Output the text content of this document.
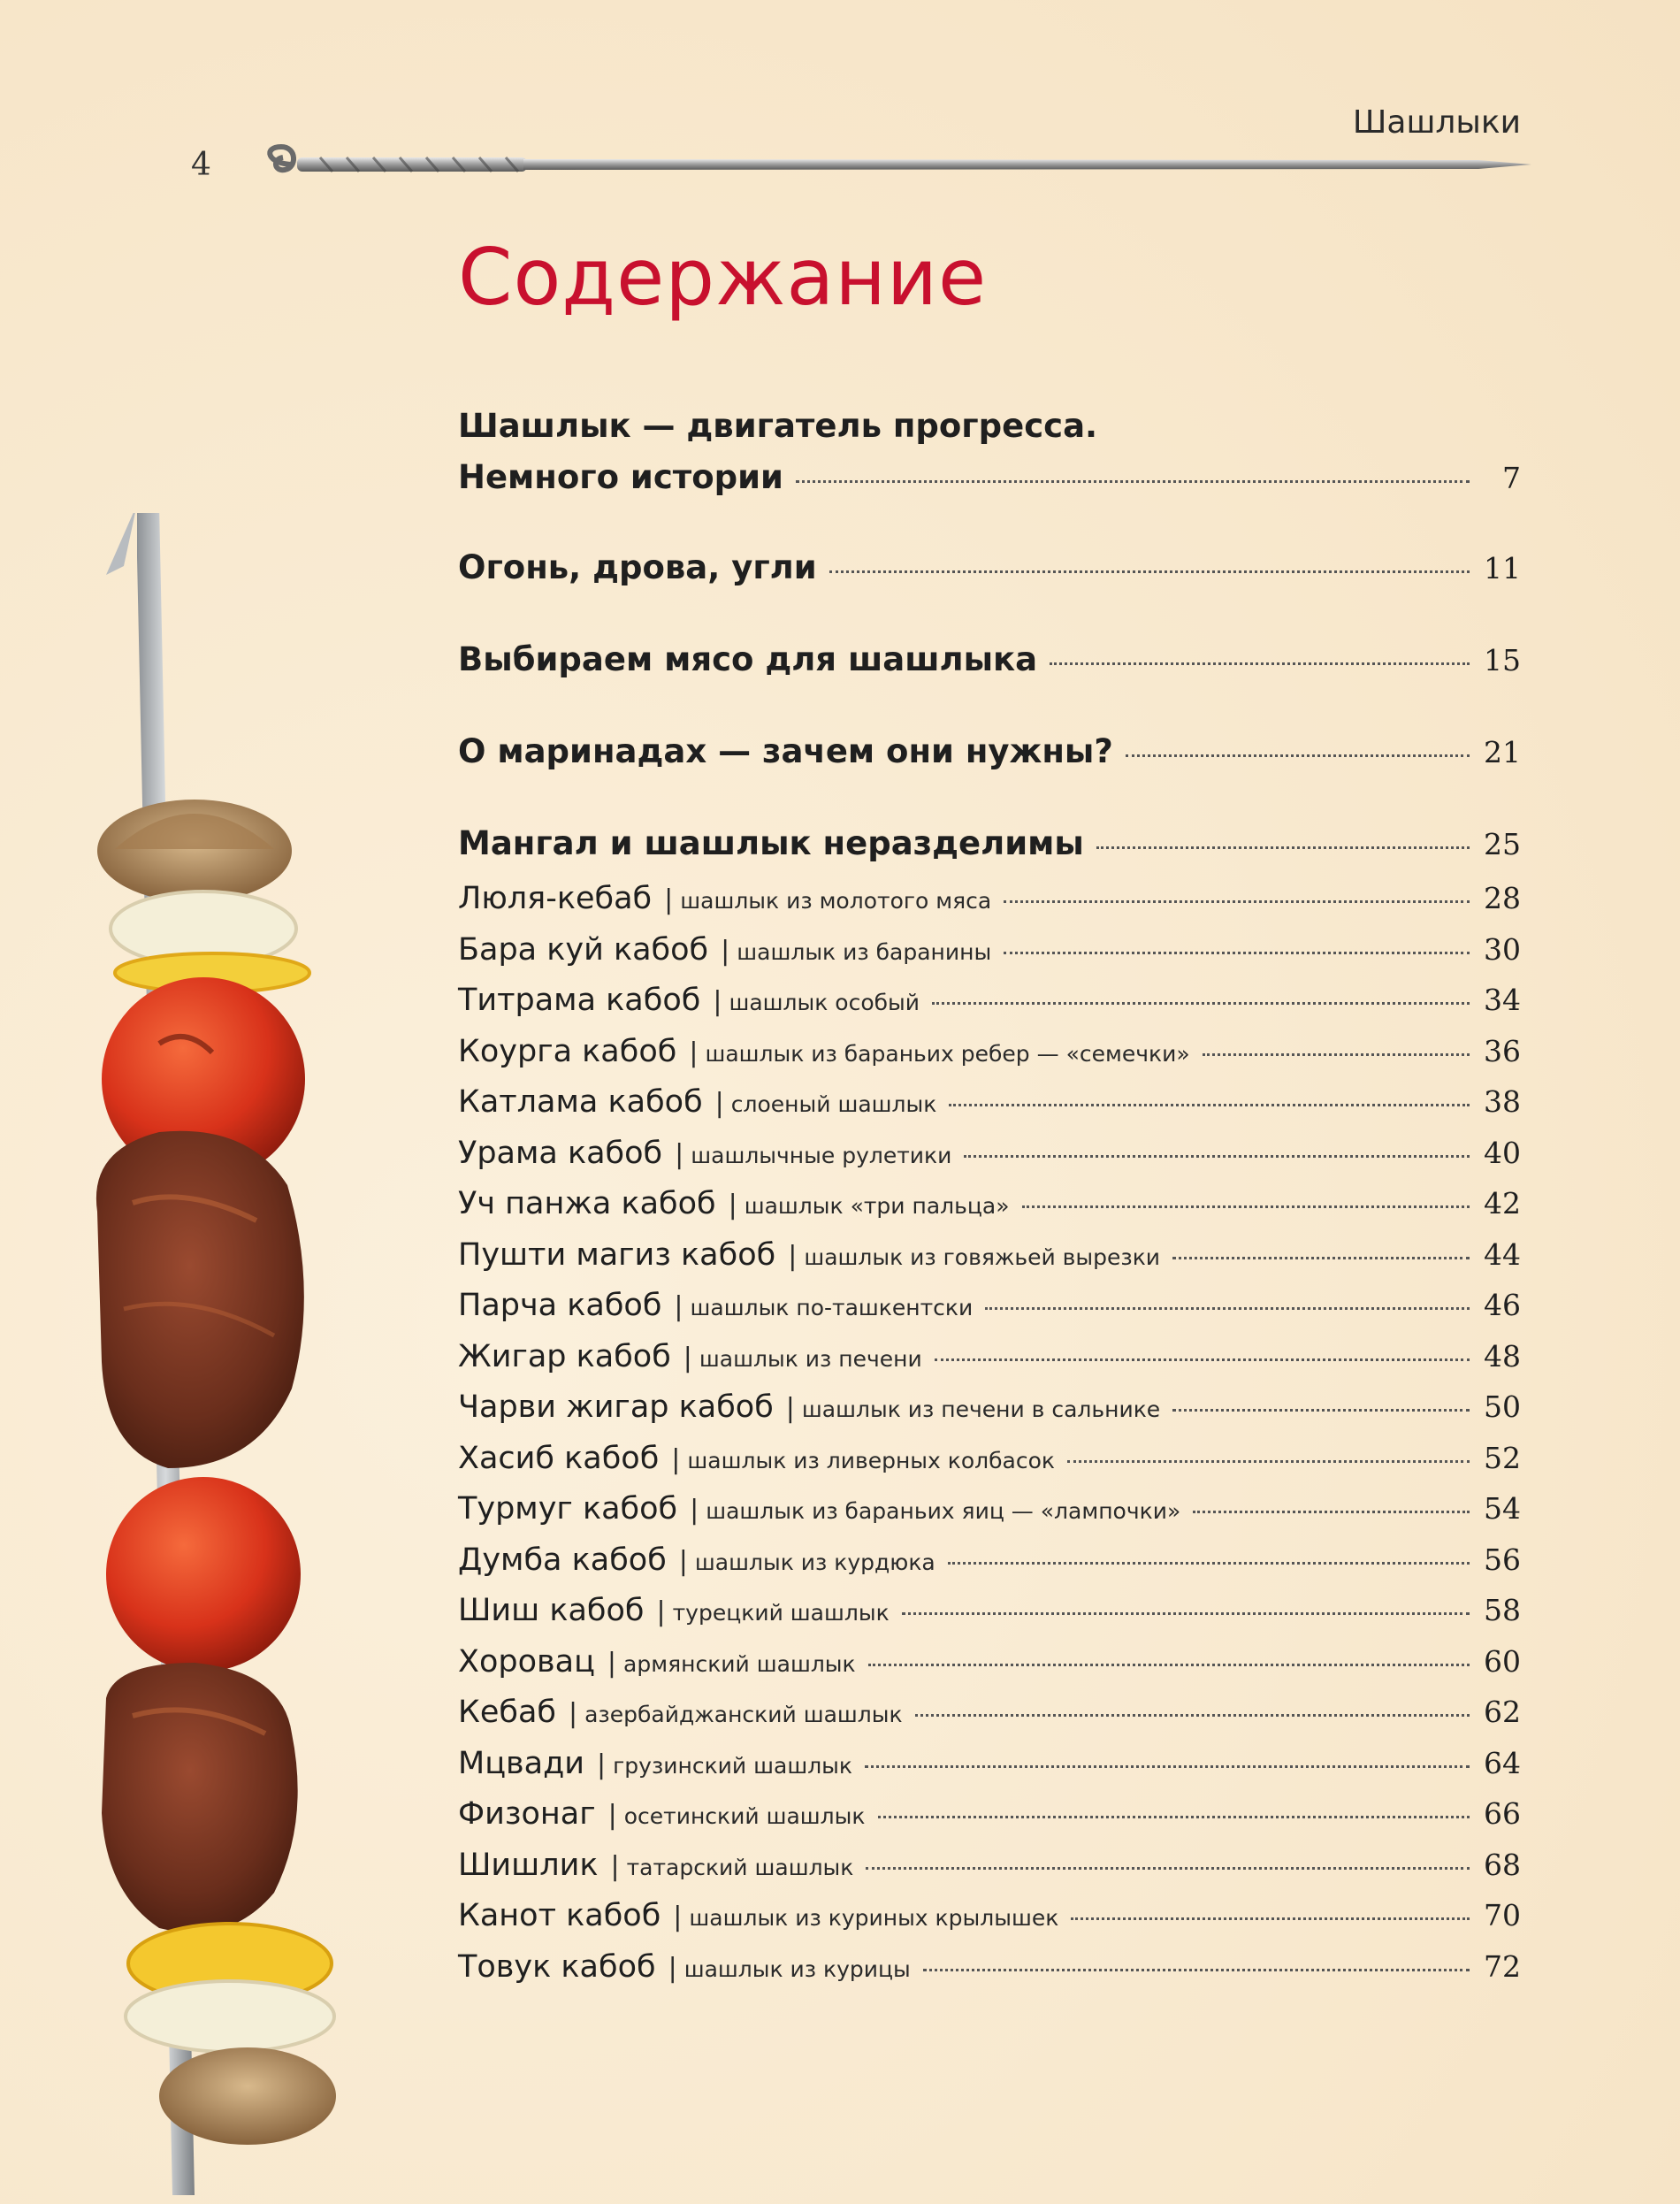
4
Шашлыки
Содержание
Шашлык — двигатель прогресса.
Немного истории	7
Огонь, дрова, угли	11
Выбираем мясо для шашлыка	15
О маринадах — зачем они нужны?	21
Мангал и шашлык неразделимы	25
Люля-кебаб | шашлык из молотого мяса	28
Бара куй кабоб | шашлык из баранины	30
Титрама кабоб | шашлык особый	34
Коурга кабоб | шашлык из бараньих ребер — «семечки»	36
Катлама кабоб | слоеный шашлык	38
Урама кабоб | шашлычные рулетики	40
Уч панжа кабоб | шашлык «три пальца»	42
Пушти магиз кабоб | шашлык из говяжьей вырезки	44
Парча кабоб | шашлык по-ташкентски	46
Жигар кабоб | шашлык из печени	48
Чарви жигар кабоб | шашлык из печени в сальнике	50
Хасиб кабоб | шашлык из ливерных колбасок	52
Турмуг кабоб | шашлык из бараньих яиц — «лампочки»	54
Думба кабоб | шашлык из курдюка	56
Шиш кабоб | турецкий шашлык	58
Хоровац | армянский шашлык	60
Кебаб | азербайджанский шашлык	62
Мцвади | грузинский шашлык	64
Физонаг | осетинский шашлык	66
Шишлик | татарский шашлык	68
Канот кабоб | шашлык из куриных крылышек	70
Товук кабоб | шашлык из курицы	72
